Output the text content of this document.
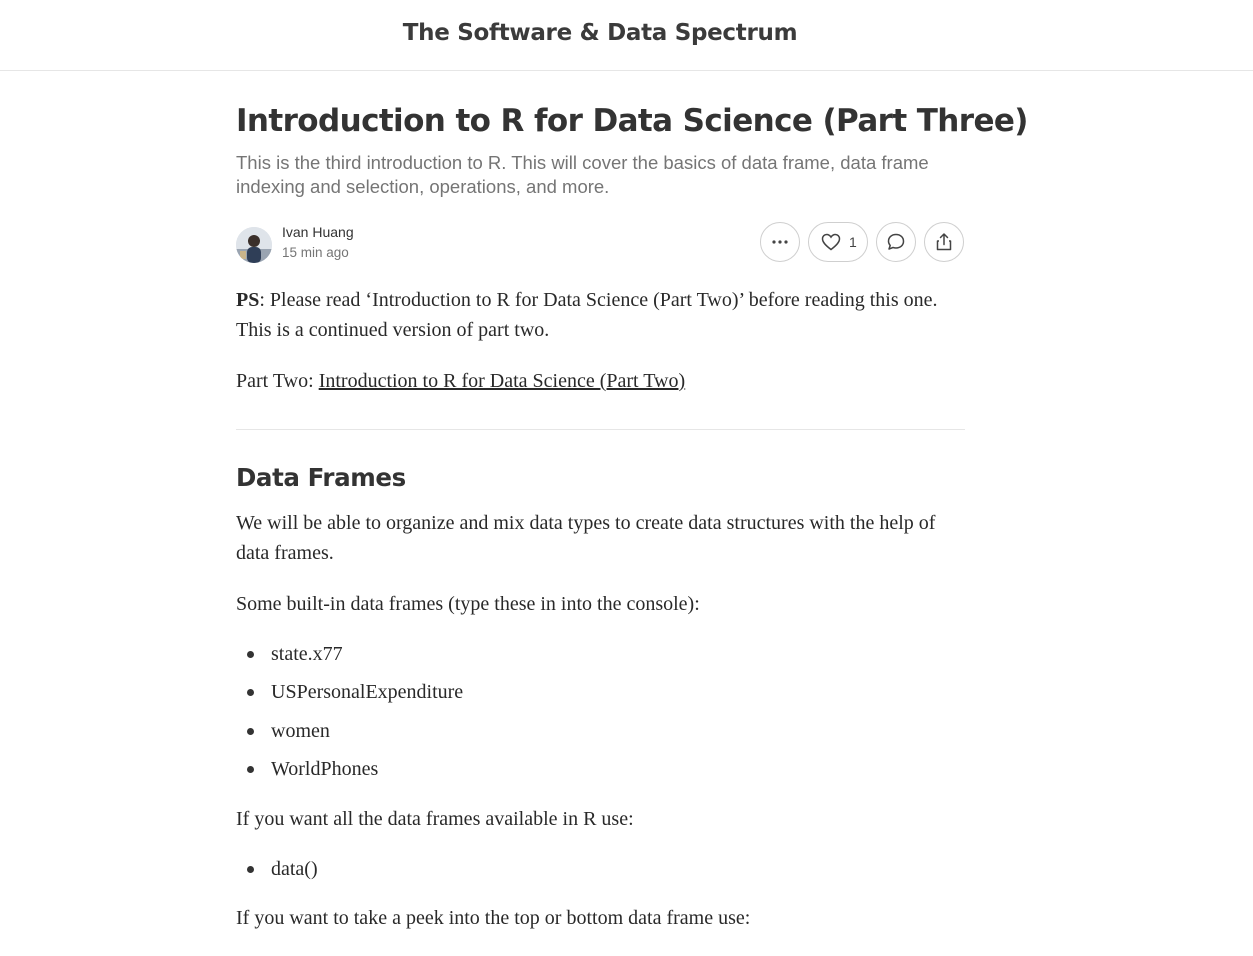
The Software & Data Spectrum
Introduction to R for Data Science (Part Three)
This is the third introduction to R. This will cover the basics of data frame, data frame indexing and selection, operations, and more.
Ivan Huang
15 min ago
1
PS: Please read ‘Introduction to R for Data Science (Part Two)’ before reading this one. This is a continued version of part two.
Part Two: Introduction to R for Data Science (Part Two)
Data Frames
We will be able to organize and mix data types to create data structures with the help of data frames.
Some built-in data frames (type these in into the console):
state.x77
USPersonalExpenditure
women
WorldPhones
If you want all the data frames available in R use:
data()
If you want to take a peek into the top or bottom data frame use:
